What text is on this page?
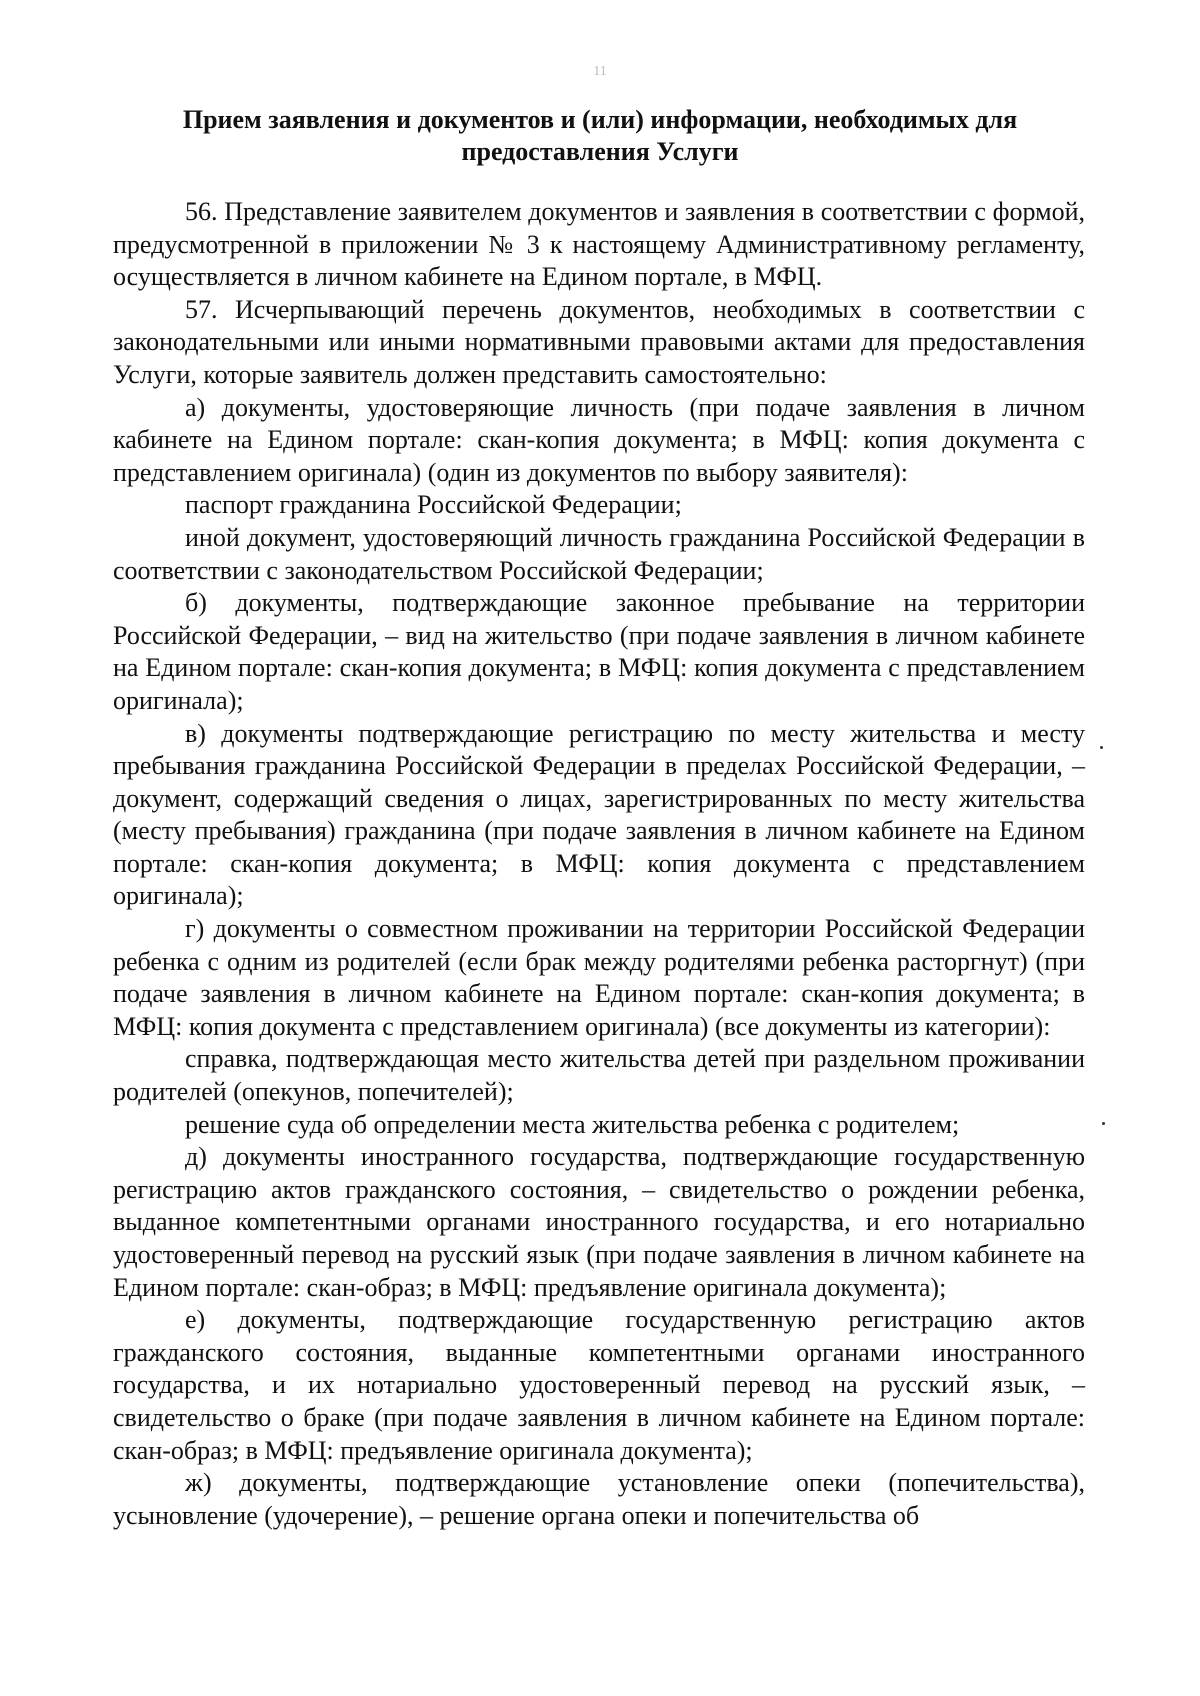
11
Прием заявления и документов и (или) информации, необходимых для предоставления Услуги

56. Представление заявителем документов и заявления в соответствии с формой, предусмотренной в приложении № 3 к настоящему Административному регламенту, осуществляется в личном кабинете на Едином портале, в МФЦ.

57. Исчерпывающий перечень документов, необходимых в соответствии с законодательными или иными нормативными правовыми актами для предоставления Услуги, которые заявитель должен представить самостоятельно:

а) документы, удостоверяющие личность (при подаче заявления в личном кабинете на Едином портале: скан-копия документа; в МФЦ: копия документа с представлением оригинала) (один из документов по выбору заявителя):

паспорт гражданина Российской Федерации;

иной документ, удостоверяющий личность гражданина Российской Федерации в соответствии с законодательством Российской Федерации;

б) документы, подтверждающие законное пребывание на территории Российской Федерации, – вид на жительство (при подаче заявления в личном кабинете на Едином портале: скан-копия документа; в МФЦ: копия документа с представлением оригинала);

в) документы подтверждающие регистрацию по месту жительства и месту пребывания гражданина Российской Федерации в пределах Российской Федерации, – документ, содержащий сведения о лицах, зарегистрированных по месту жительства (месту пребывания) гражданина (при подаче заявления в личном кабинете на Едином портале: скан-копия документа; в МФЦ: копия документа с представлением оригинала);

г) документы о совместном проживании на территории Российской Федерации ребенка с одним из родителей (если брак между родителями ребенка расторгнут) (при подаче заявления в личном кабинете на Едином портале: скан-копия документа; в МФЦ: копия документа с представлением оригинала) (все документы из категории):

справка, подтверждающая место жительства детей при раздельном проживании родителей (опекунов, попечителей);

решение суда об определении места жительства ребенка с родителем;

д) документы иностранного государства, подтверждающие государственную регистрацию актов гражданского состояния, – свидетельство о рождении ребенка, выданное компетентными органами иностранного государства, и его нотариально удостоверенный перевод на русский язык (при подаче заявления в личном кабинете на Едином портале: скан-образ; в МФЦ: предъявление оригинала документа);

е) документы, подтверждающие государственную регистрацию актов гражданского состояния, выданные компетентными органами иностранного государства, и их нотариально удостоверенный перевод на русский язык, – свидетельство о браке (при подаче заявления в личном кабинете на Едином портале: скан-образ; в МФЦ: предъявление оригинала документа);

ж) документы, подтверждающие установление опеки (попечительства), усыновление (удочерение), – решение органа опеки и попечительства об
